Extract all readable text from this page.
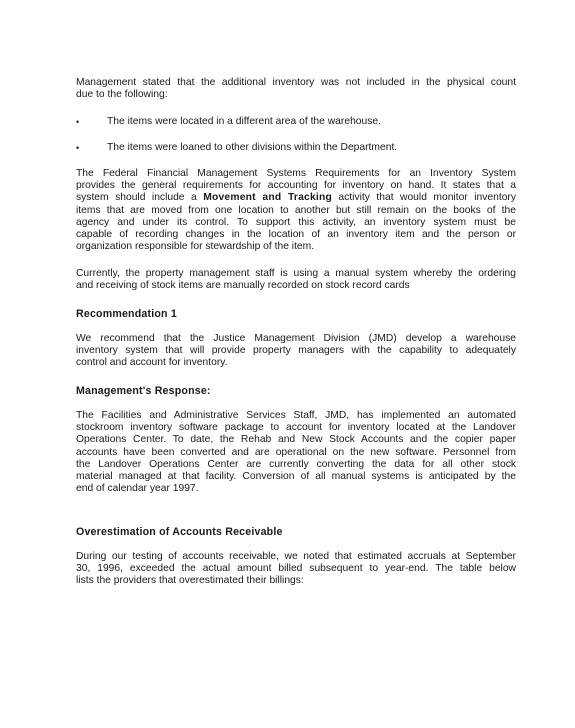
Management stated that the additional inventory was not included in the physical count
due to the following:
•	The items were located in a different area of the warehouse.
•	The items were loaned to other divisions within the Department.
The Federal Financial Management Systems Requirements for an Inventory System
provides the general requirements for accounting for inventory on hand. It states that a
system should include a Movement and Tracking activity that would monitor inventory
items that are moved from one location to another but still remain on the books of the
agency and under its control. To support this activity, an inventory system must be
capable of recording changes in the location of an inventory item and the person or
organization responsible for stewardship of the item.
Currently, the property management staff is using a manual system whereby the ordering
and receiving of stock items are manually recorded on stock record cards

Recommendation 1

We recommend that the Justice Management Division (JMD) develop a warehouse
inventory system that will provide property managers with the capability to adequately
control and account for inventory.

Management's Response:

The Facilities and Administrative Services Staff, JMD, has implemented an automated
stockroom inventory software package to account for inventory located at the Landover
Operations Center. To date, the Rehab and New Stock Accounts and the copier paper
accounts have been converted and are operational on the new software. Personnel from
the Landover Operations Center are currently converting the data for all other stock
material managed at that facility. Conversion of all manual systems is anticipated by the
end of calendar year 1997.

Overestimation of Accounts Receivable

During our testing of accounts receivable, we noted that estimated accruals at September
30, 1996, exceeded the actual amount billed subsequent to year-end. The table below
lists the providers that overestimated their billings:
